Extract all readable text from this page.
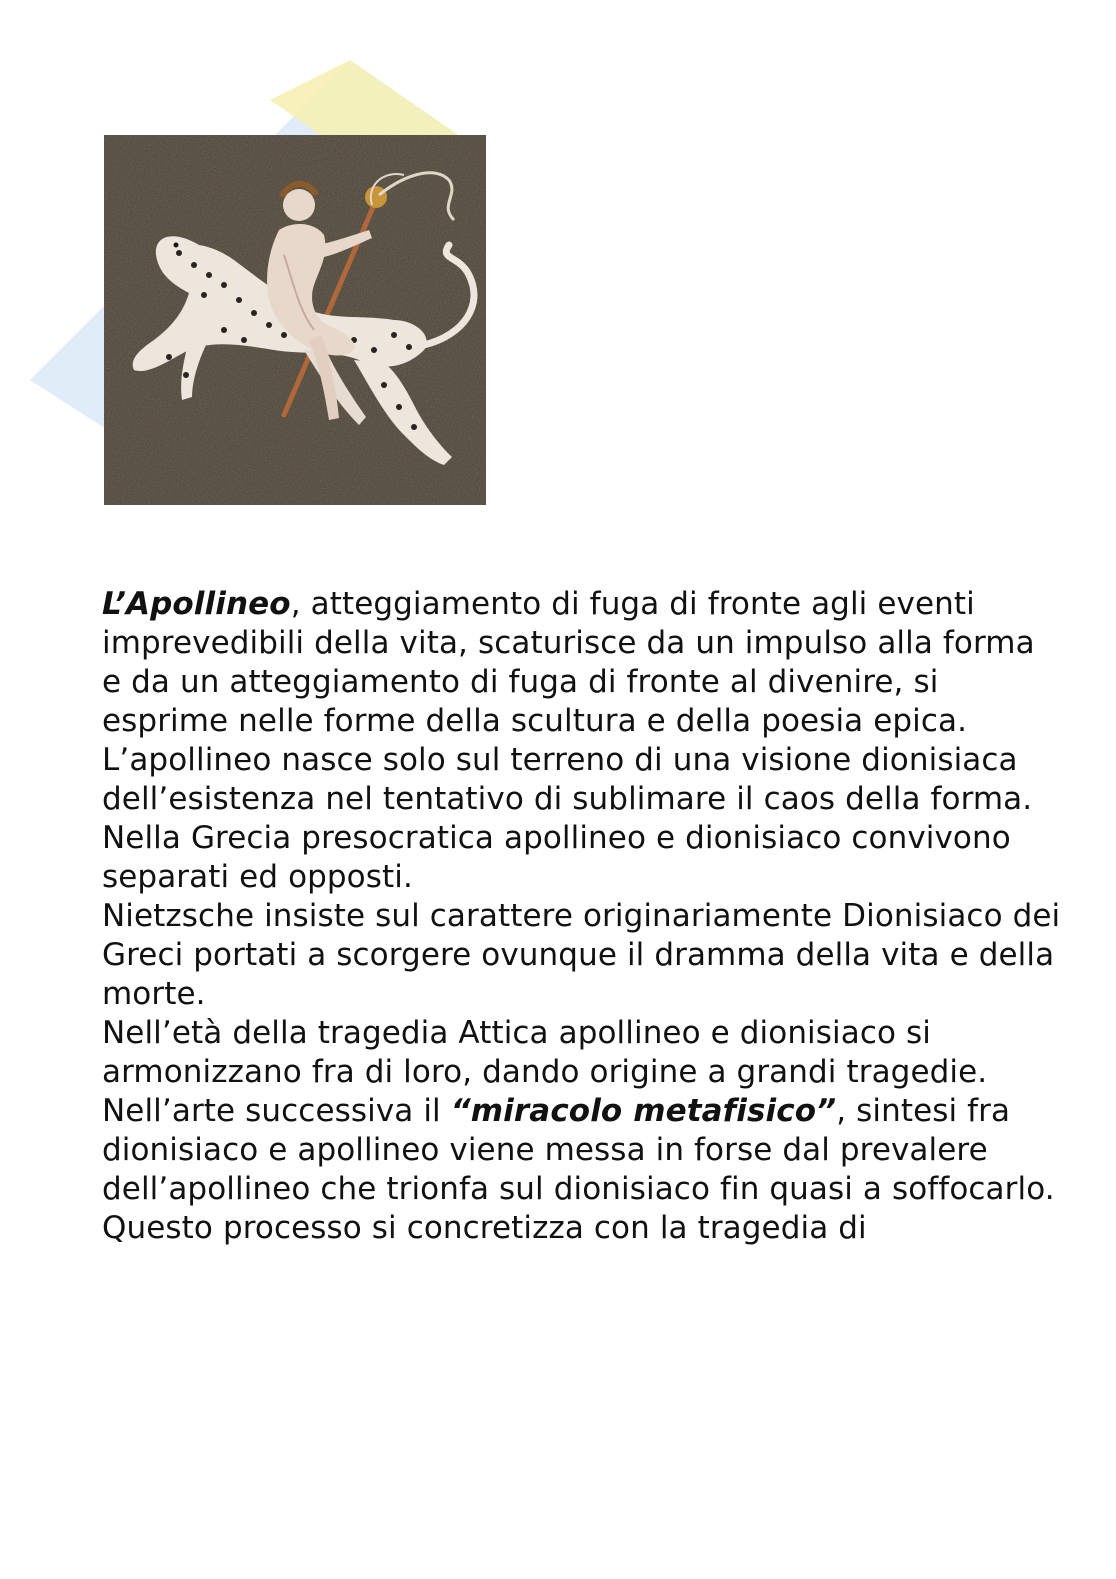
L’Apollineo, atteggiamento di fuga di fronte agli eventi imprevedibili della vita, scaturisce da un impulso alla forma e da un atteggiamento di fuga di fronte al divenire, si esprime nelle forme della scultura e della poesia epica.

L’apollineo nasce solo sul terreno di una visione dionisiaca dell’esistenza nel tentativo di sublimare il caos della forma.

Nella Grecia presocratica apollineo e dionisiaco convivono separati ed opposti.

Nietzsche insiste sul carattere originariamente Dionisiaco dei Greci portati a scorgere ovunque il dramma della vita e della morte.

Nell’età della tragedia Attica apollineo e dionisiaco si armonizzano fra di loro, dando origine a grandi tragedie.

Nell’arte successiva il “miracolo metafisico”, sintesi fra dionisiaco e apollineo viene messa in forse dal prevalere dell’apollineo che trionfa sul dionisiaco fin quasi a soffocarlo.

Questo processo si concretizza con la tragedia di
